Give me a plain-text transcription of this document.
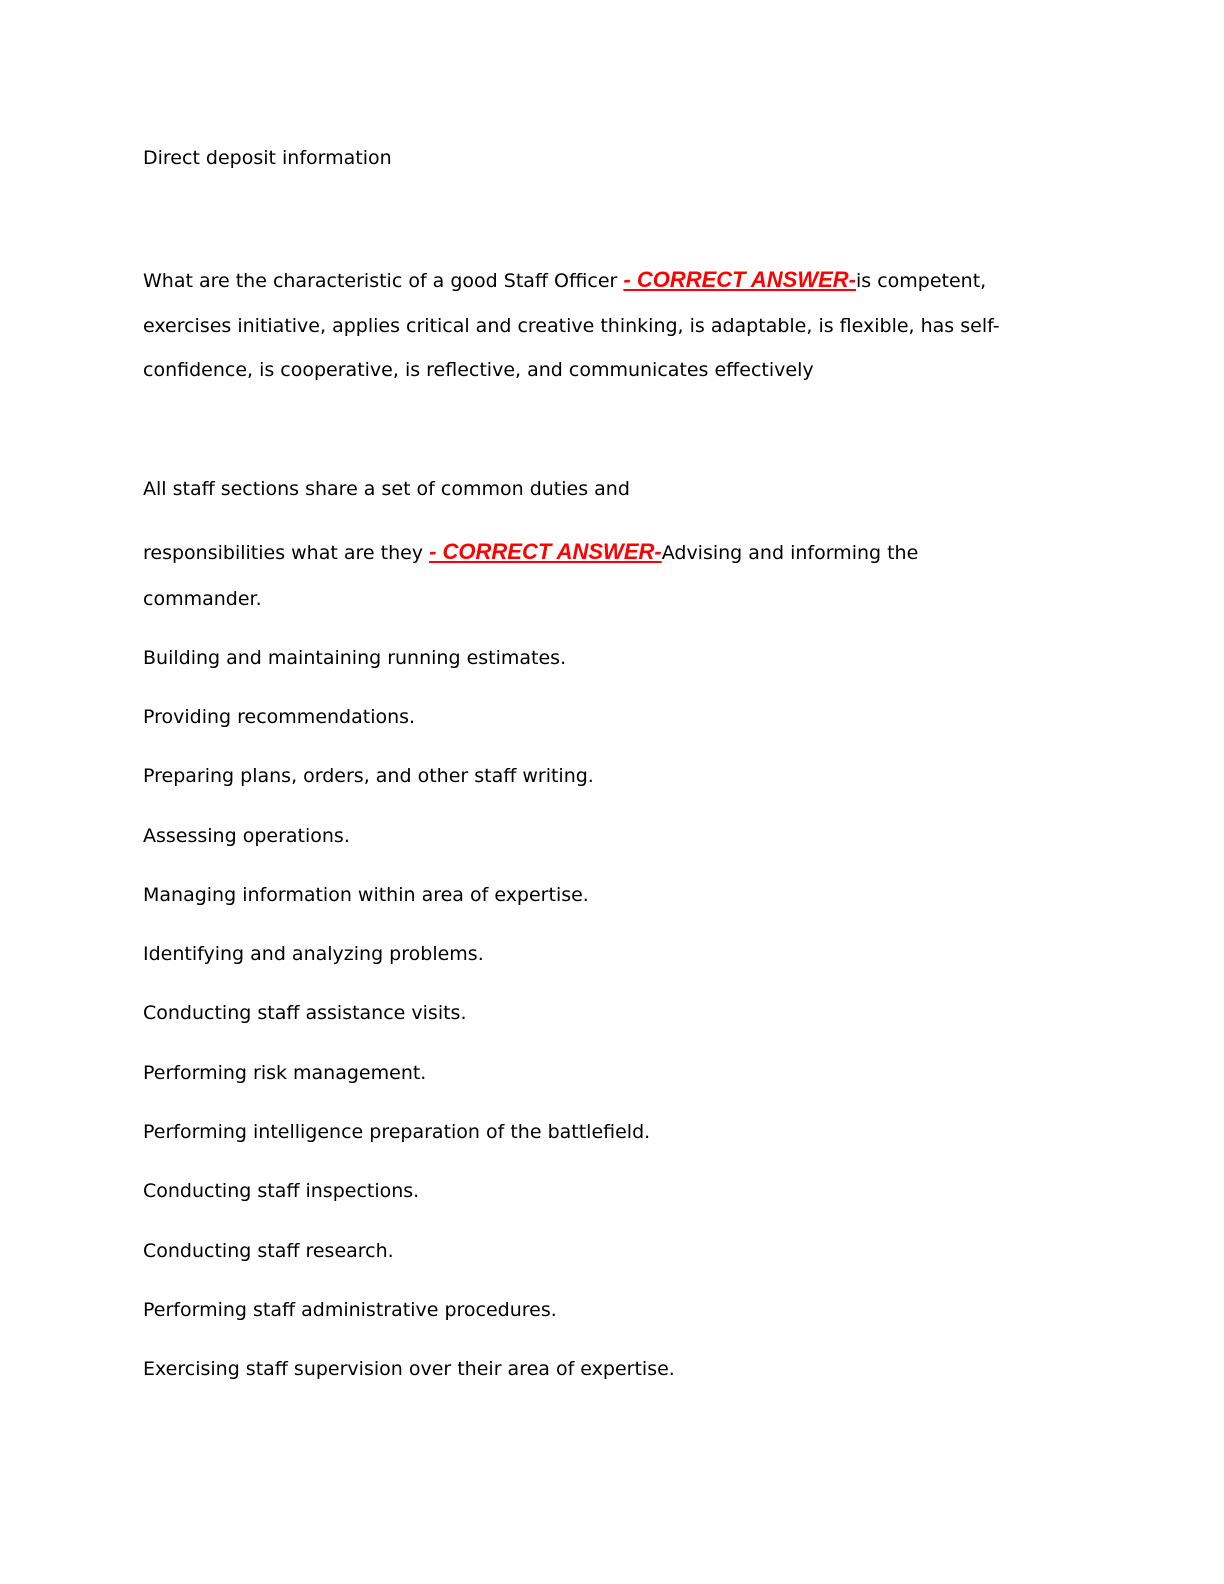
Direct deposit information
What are the characteristic of a good Staff Officer - CORRECT ANSWER-is competent,
exercises initiative, applies critical and creative thinking, is adaptable, is flexible, has self-
confidence, is cooperative, is reflective, and communicates effectively
All staff sections share a set of common duties and
responsibilities what are they - CORRECT ANSWER-Advising and informing the
commander.
Building and maintaining running estimates.
Providing recommendations.
Preparing plans, orders, and other staff writing.
Assessing operations.
Managing information within area of expertise.
Identifying and analyzing problems.
Conducting staff assistance visits.
Performing risk management.
Performing intelligence preparation of the battlefield.
Conducting staff inspections.
Conducting staff research.
Performing staff administrative procedures.
Exercising staff supervision over their area of expertise.
